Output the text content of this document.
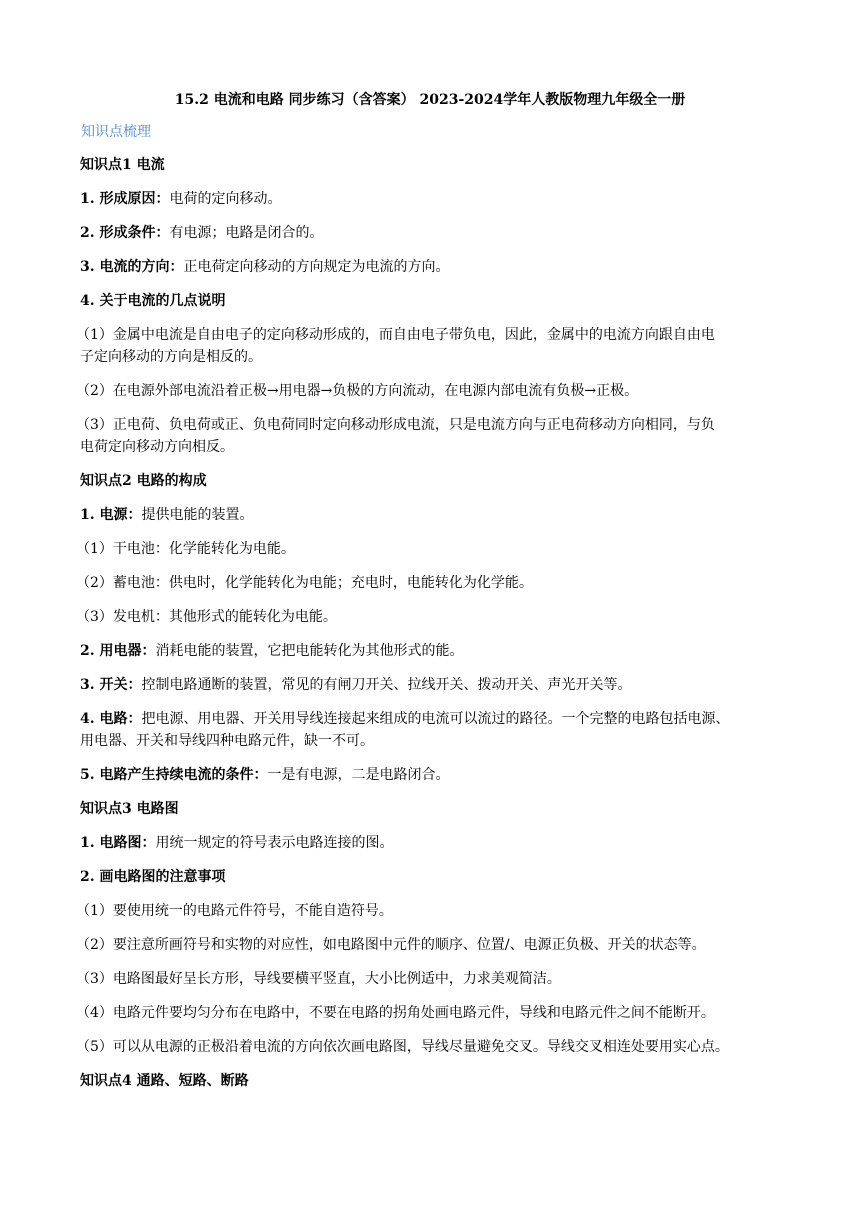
15.2 电流和电路 同步练习（含答案） 2023-2024学年人教版物理九年级全一册
知识点梳理
知识点1 电流
1. 形成原因：电荷的定向移动。
2. 形成条件：有电源；电路是闭合的。
3. 电流的方向：正电荷定向移动的方向规定为电流的方向。
4. 关于电流的几点说明
（1）金属中电流是自由电子的定向移动形成的，而自由电子带负电，因此，金属中的电流方向跟自由电
子定向移动的方向是相反的。
（2）在电源外部电流沿着正极→用电器→负极的方向流动，在电源内部电流有负极→正极。
（3）正电荷、负电荷或正、负电荷同时定向移动形成电流，只是电流方向与正电荷移动方向相同，与负
电荷定向移动方向相反。
知识点2 电路的构成
1. 电源：提供电能的装置。
（1）干电池：化学能转化为电能。
（2）蓄电池：供电时，化学能转化为电能；充电时，电能转化为化学能。
（3）发电机：其他形式的能转化为电能。
2. 用电器：消耗电能的装置，它把电能转化为其他形式的能。
3. 开关：控制电路通断的装置，常见的有闸刀开关、拉线开关、拨动开关、声光开关等。
4. 电路：把电源、用电器、开关用导线连接起来组成的电流可以流过的路径。一个完整的电路包括电源、
用电器、开关和导线四种电路元件，缺一不可。
5. 电路产生持续电流的条件：一是有电源，二是电路闭合。
知识点3 电路图
1. 电路图：用统一规定的符号表示电路连接的图。
2. 画电路图的注意事项
（1）要使用统一的电路元件符号，不能自造符号。
（2）要注意所画符号和实物的对应性，如电路图中元件的顺序、位置/、电源正负极、开关的状态等。
（3）电路图最好呈长方形，导线要横平竖直，大小比例适中，力求美观简洁。
（4）电路元件要均匀分布在电路中，不要在电路的拐角处画电路元件，导线和电路元件之间不能断开。
（5）可以从电源的正极沿着电流的方向依次画电路图，导线尽量避免交叉。导线交叉相连处要用实心点。
知识点4 通路、短路、断路
